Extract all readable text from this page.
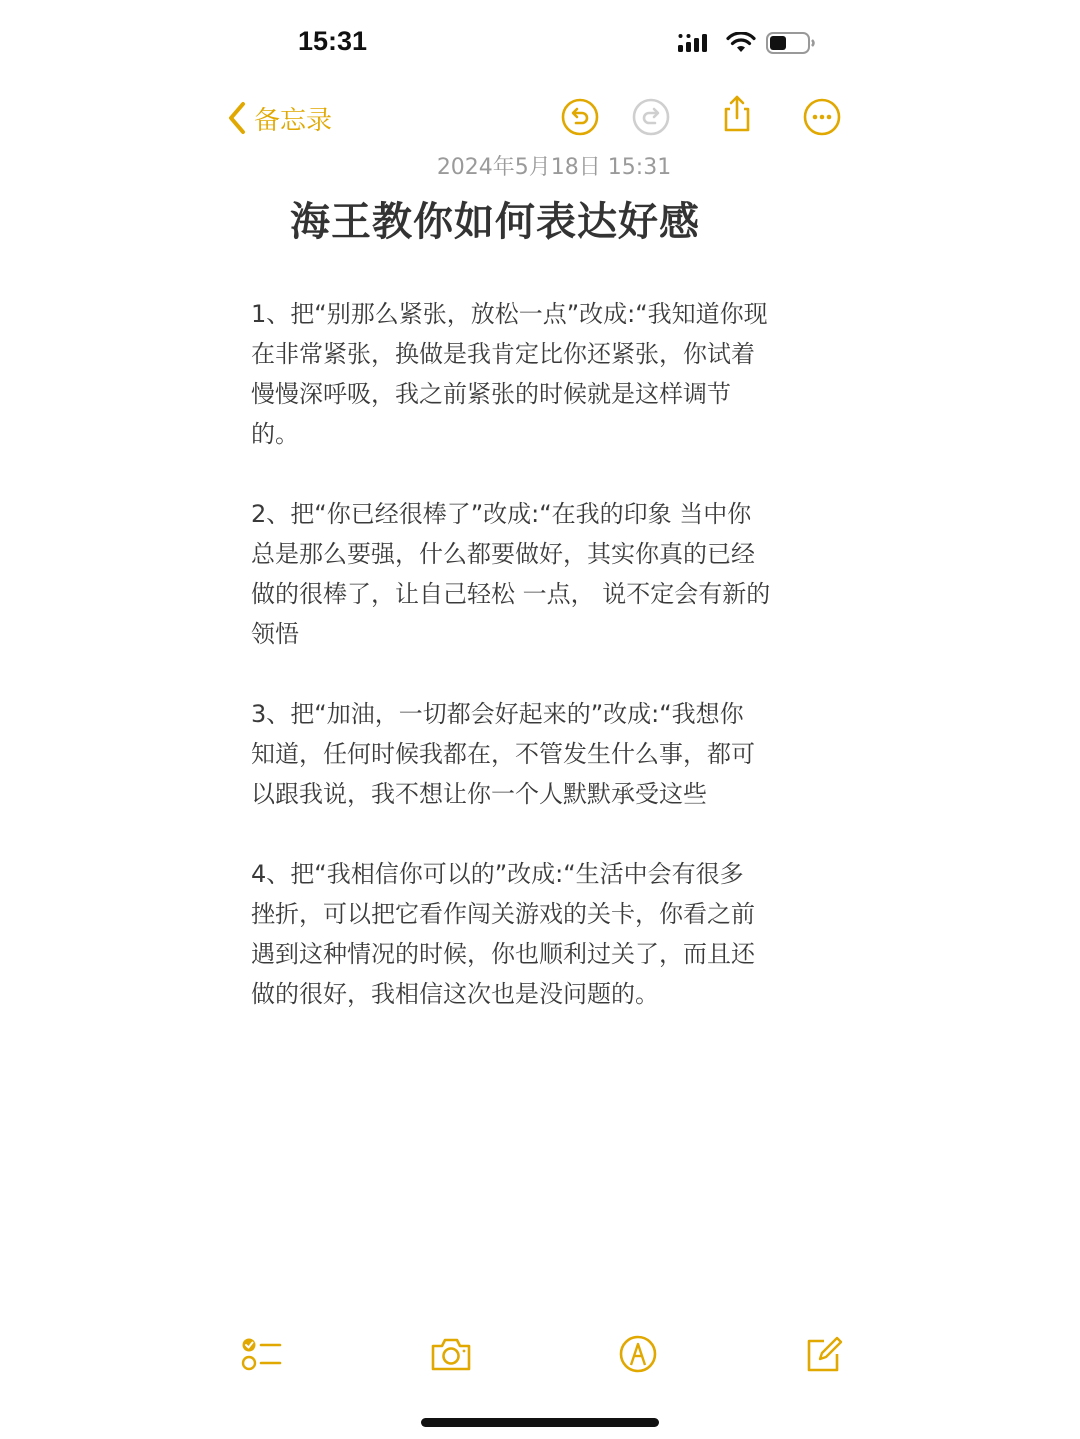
15:31
备忘录
2024年5月18日 15:31
海王教你如何表达好感
1、把“别那么紧张，放松一点”改成:“我知道你现
在非常紧张，换做是我肯定比你还紧张，你试着
慢慢深呼吸，我之前紧张的时候就是这样调节
的。
2、把“你已经很棒了”改成:“在我的印象 当中你
总是那么要强，什么都要做好，其实你真的已经
做的很棒了，让自己轻松 一点， 说不定会有新的
领悟
3、把“加油，一切都会好起来的”改成:“我想你
知道，任何时候我都在，不管发生什么事，都可
以跟我说，我不想让你一个人默默承受这些
4、把“我相信你可以的”改成:“生活中会有很多
挫折，可以把它看作闯关游戏的关卡，你看之前
遇到这种情况的时候，你也顺利过关了，而且还
做的很好，我相信这次也是没问题的。
